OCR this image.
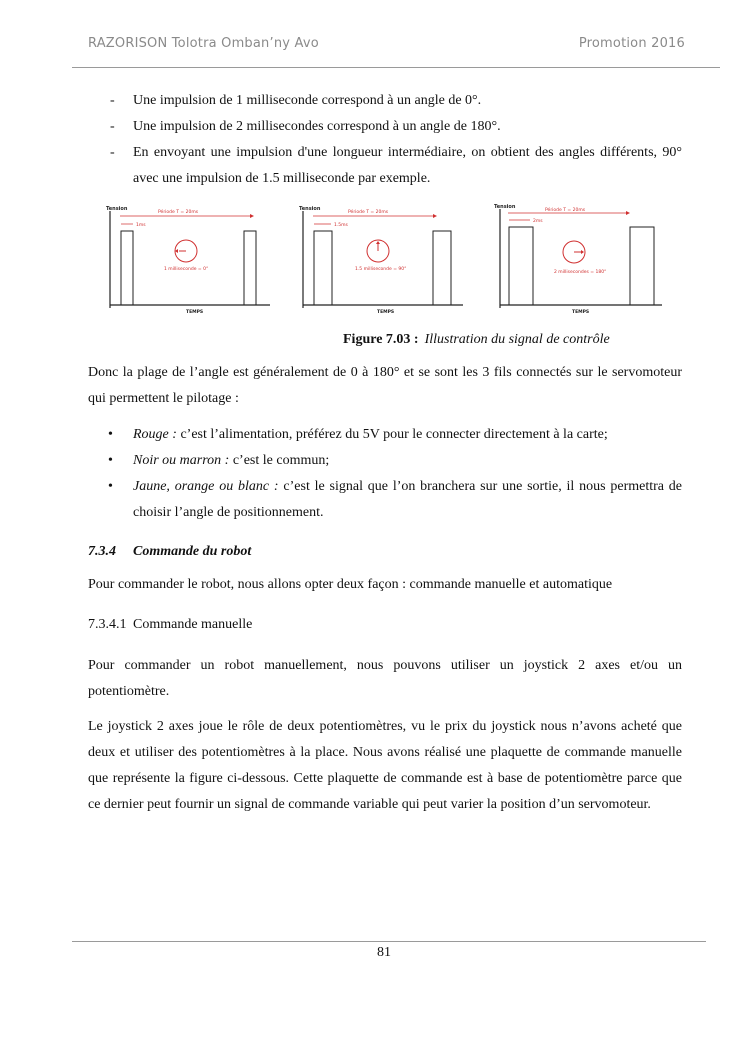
RAZORISON Tolotra Omban’ny Avo	Promotion 2016
- Une impulsion de 1 milliseconde correspond à un angle de 0°.
- Une impulsion de 2 millisecondes correspond à un angle de 180°.
- En envoyant une impulsion d'une longueur intermédiaire, on obtient des angles différents, 90° avec une impulsion de 1.5 milliseconde par exemple.
Tension
Période T = 20ms
1ms
1 milliseconde = 0°
TEMPS
Tension
Période T = 20ms
1.5ms
1.5 milliseconde = 90°
TEMPS
Tension
Période T = 20ms
2ms
2 millisecondes = 180°
TEMPS
Figure 7.03 : Illustration du signal de contrôle
Donc la plage de l’angle est généralement de 0 à 180° et se sont les 3 fils connectés sur le servomoteur qui permettent le pilotage :
• Rouge : c’est l’alimentation, préférez du 5V pour le connecter directement à la carte;
• Noir ou marron : c’est le commun;
• Jaune, orange ou blanc : c’est le signal que l’on branchera sur une sortie, il nous permettra de choisir l’angle de positionnement.
7.3.4 Commande du robot
Pour commander le robot, nous allons opter deux façon : commande manuelle et automatique
7.3.4.1 Commande manuelle
Pour commander un robot manuellement, nous pouvons utiliser un joystick 2 axes et/ou un potentiomètre.
Le joystick 2 axes joue le rôle de deux potentiomètres, vu le prix du joystick nous n’avons acheté que deux et utiliser des potentiomètres à la place. Nous avons réalisé une plaquette de commande manuelle que représente la figure ci-dessous. Cette plaquette de commande est à base de potentiomètre parce que ce dernier peut fournir un signal de commande variable qui peut varier la position d’un servomoteur.
81
